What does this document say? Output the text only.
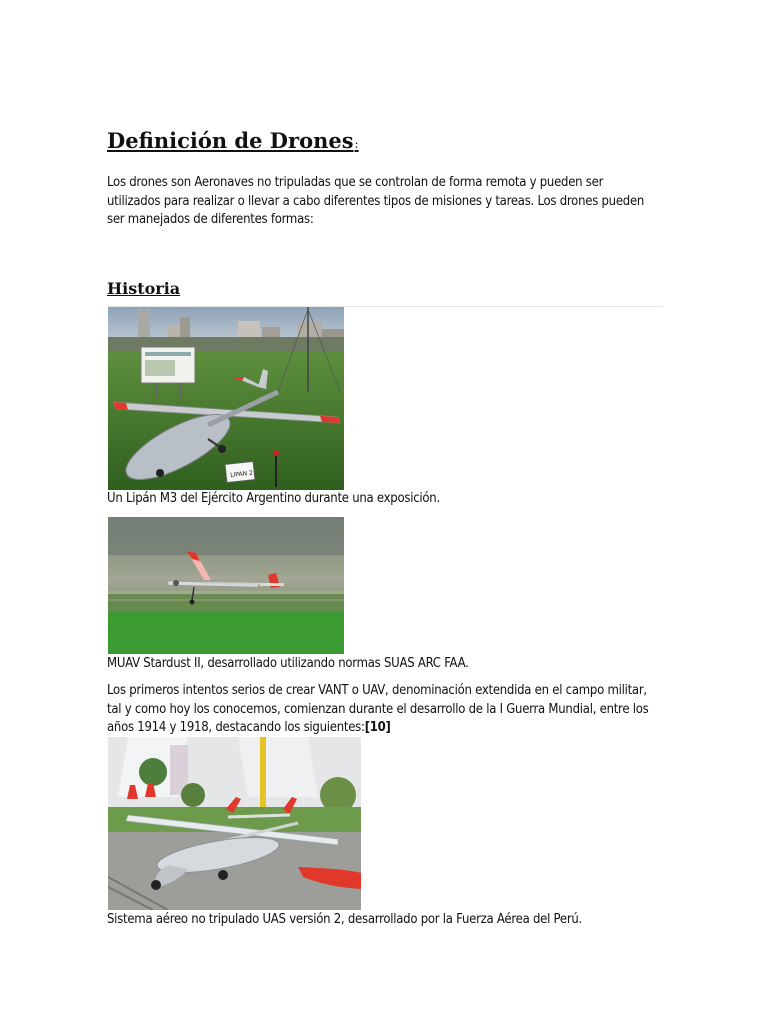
Definición de Drones:
Los drones son Aeronaves no tripuladas que se controlan de forma remota y pueden ser utilizados para realizar o llevar a cabo diferentes tipos de misiones y tareas. Los drones pueden ser manejados de diferentes formas:
Historia
LIPAN 2
Un Lipán M3 del Ejército Argentino durante una exposición.
MUAV Stardust II, desarrollado utilizando normas SUAS ARC FAA.
Los primeros intentos serios de crear VANT o UAV, denominación extendida en el campo militar, tal y como hoy los conocemos, comienzan durante el desarrollo de la I Guerra Mundial, entre los años 1914 y 1918, destacando los siguientes:[10]
Sistema aéreo no tripulado UAS versión 2, desarrollado por la Fuerza Aérea del Perú.
